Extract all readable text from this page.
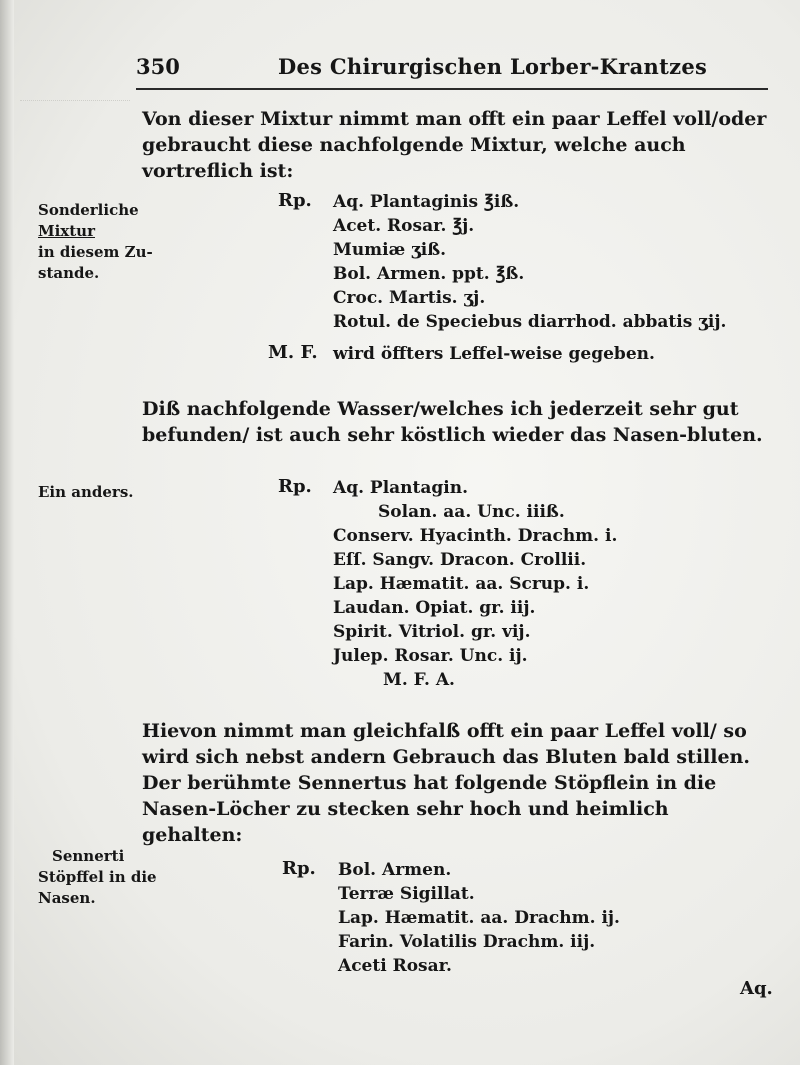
350	Des Chirurgischen Lorber-Krantzes
Von dieser Mixtur nimmt man offt ein paar Leffel voll/oder gebraucht diese nachfolgende Mixtur, welche auch vortreflich ist:
Sonderliche
Mixtur
in diesem Zu-
stande.
Rp. Aq. Plantaginis ℥iß.
Acet. Rosar. ℥j.
Mumiæ ʒiß.
Bol. Armen. ppt. ℥ß.
Croc. Martis. ʒj.
Rotul. de Speciebus diarrhod. abbatis ʒij.
M. F. wird öffters Leffel-weise gegeben.
Diß nachfolgende Wasser/welches ich jederzeit sehr gut befunden/ ist auch sehr köstlich wieder das Nasen-bluten.
Ein anders.	Rp. Aq. Plantagin.
Solan. aa. Unc. iiiß.
Conserv. Hyacinth. Drachm. i.
Eſſ. Sangv. Dracon. Crollii.
Lap. Hæmatit. aa. Scrup. i.
Laudan. Opiat. gr. iij.
Spirit. Vitriol. gr. vij.
Julep. Rosar. Unc. ij.
M. F. A.
Hievon nimmt man gleichfalß offt ein paar Leffel voll/ so wird sich nebst andern Gebrauch das Bluten bald stillen. Der berühmte Sennertus hat folgende Stöpflein in die Nasen-Löcher zu stecken sehr hoch und heimlich gehalten:
Sennerti
Stöpffel in die
Nasen.
Rp. Bol. Armen.
Terræ Sigillat.
Lap. Hæmatit. aa. Drachm. ij.
Farin. Volatilis Drachm. iij.
Aceti Rosar.
Aq.
